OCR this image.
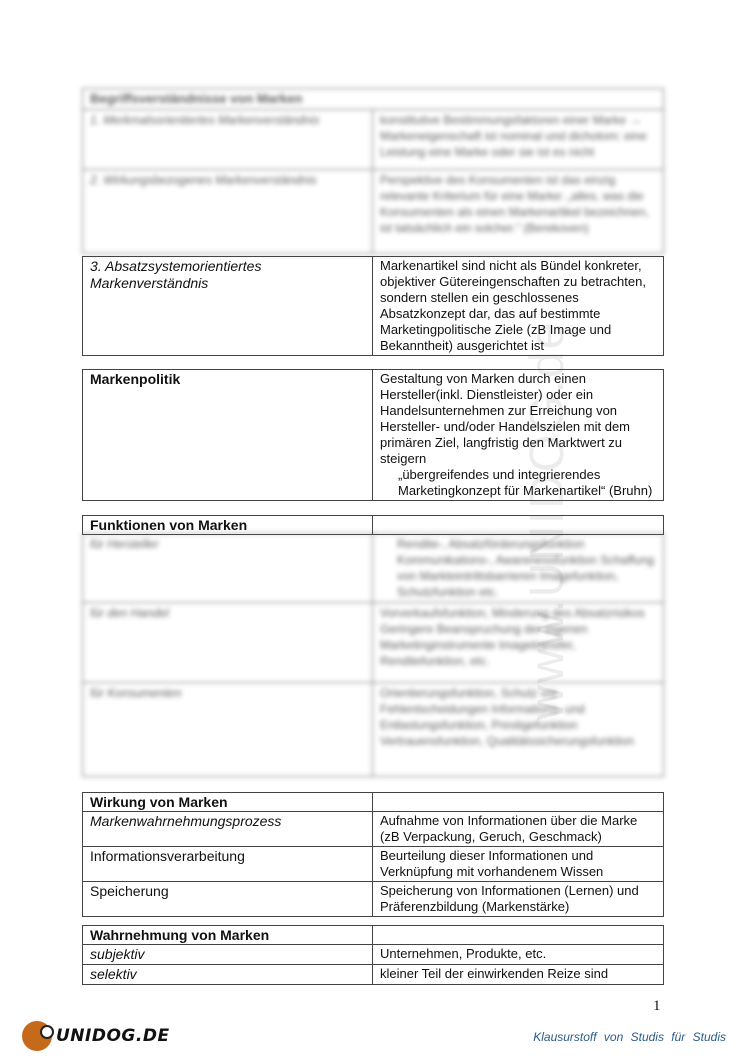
www.UNIDOG.de
Begriffsverständnisse von Marken	
1. Merkmalsorientiertes Markenverständnis	konstitutive Bestimmungsfaktoren einer Marke → Markeneigenschaft ist nominal und dichotom: eine Leistung eine Marke oder sie ist es nicht
2. Wirkungsbezogenes Markenverständnis	Perspektive des Konsumenten ist das einzig relevante Kriterium für eine Marke: „alles, was die Konsumenten als einen Markenartikel bezeichnen, ist tatsächlich ein solcher.“ (Berekoven)
3. Absatzsystemorientiertes Markenverständnis	Markenartikel sind nicht als Bündel konkreter, objektiver Gütereingenschaften zu betrachten, sondern stellen ein geschlossenes Absatzkonzept dar, das auf bestimmte Marketingpolitische Ziele (zB Image und Bekanntheit) ausgerichtet ist
Markenpolitik	Gestaltung von Marken durch einen Hersteller(inkl. Dienstleister) oder ein Handelsunternehmen zur Erreichung von Hersteller- und/oder Handelszielen mit dem primären Ziel, langfristig den Marktwert zu steigern
„übergreifendes und integrierendes Marketingkonzept für Markenartikel“ (Bruhn)
Funktionen von Marken	
für Hersteller	Rendite-, Absatzförderungsfunktion Kommunikations-, Awarenessfunktion Schaffung von Markteintrittsbarrieren Imagefunktion, Schutzfunktion etc.
für den Handel	Vorverkaufsfunktion, Minderung des Absatzrisikos Geringere Beanspruchung der eigenen Marketinginstrumente Imagetransfer, Renditefunktion, etc.
für Konsumenten	Orientierungsfunktion, Schutz vor Fehlentscheidungen Informations- und Entlastungsfunktion, Prestigefunktion Vertrauensfunktion, Qualitätssicherungsfunktion
Wirkung von Marken	
Markenwahrnehmungsprozess	Aufnahme von Informationen über die Marke (zB Verpackung, Geruch, Geschmack)
Informationsverarbeitung	Beurteilung dieser Informationen und Verknüpfung mit vorhandenem Wissen
Speicherung	Speicherung von Informationen (Lernen) und Präferenzbildung (Markenstärke)
Wahrnehmung von Marken	
subjektiv	Unternehmen, Produkte, etc.
selektiv	kleiner Teil der einwirkenden Reize sind
1
UNIDOG.DE	Klausurstoff von Studis für Studis
